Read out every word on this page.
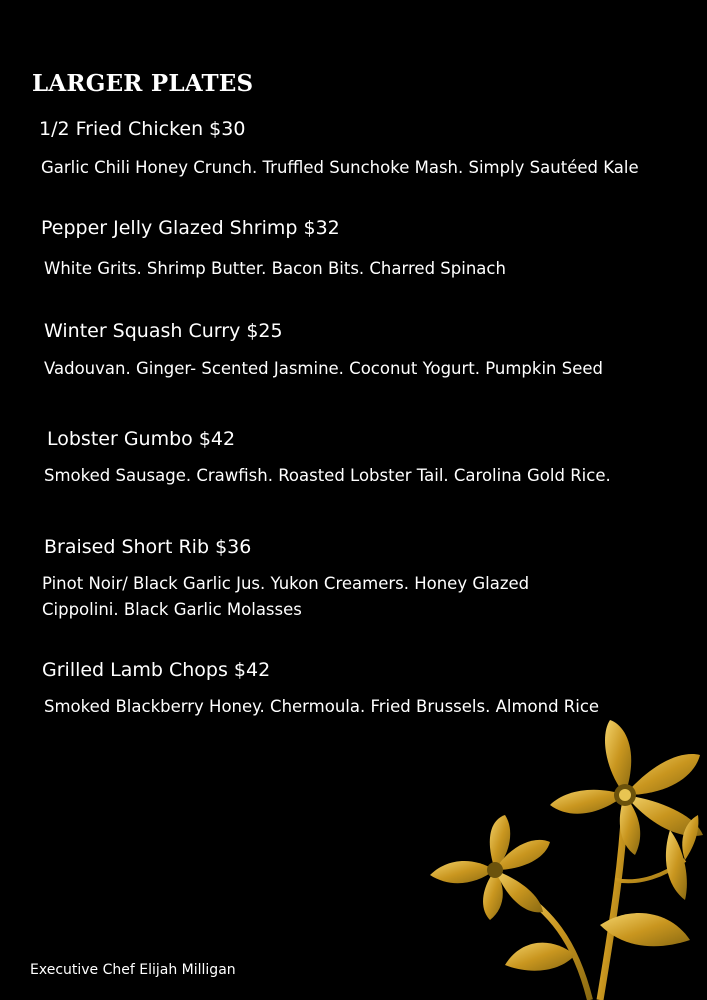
LARGER PLATES
1/2 Fried Chicken $30
Garlic Chili Honey Crunch. Truffled Sunchoke Mash. Simply Sautéed Kale
Pepper Jelly Glazed Shrimp $32
White Grits. Shrimp Butter. Bacon Bits. Charred Spinach
Winter Squash Curry $25
Vadouvan. Ginger- Scented Jasmine. Coconut Yogurt. Pumpkin Seed
Lobster Gumbo $42
Smoked Sausage. Crawfish. Roasted Lobster Tail. Carolina Gold Rice.
Braised Short Rib $36
Pinot Noir/ Black Garlic Jus. Yukon Creamers. Honey Glazed Cippolini. Black Garlic Molasses
Grilled Lamb Chops $42
Smoked Blackberry Honey. Chermoula. Fried Brussels. Almond Rice
Executive Chef Elijah Milligan
